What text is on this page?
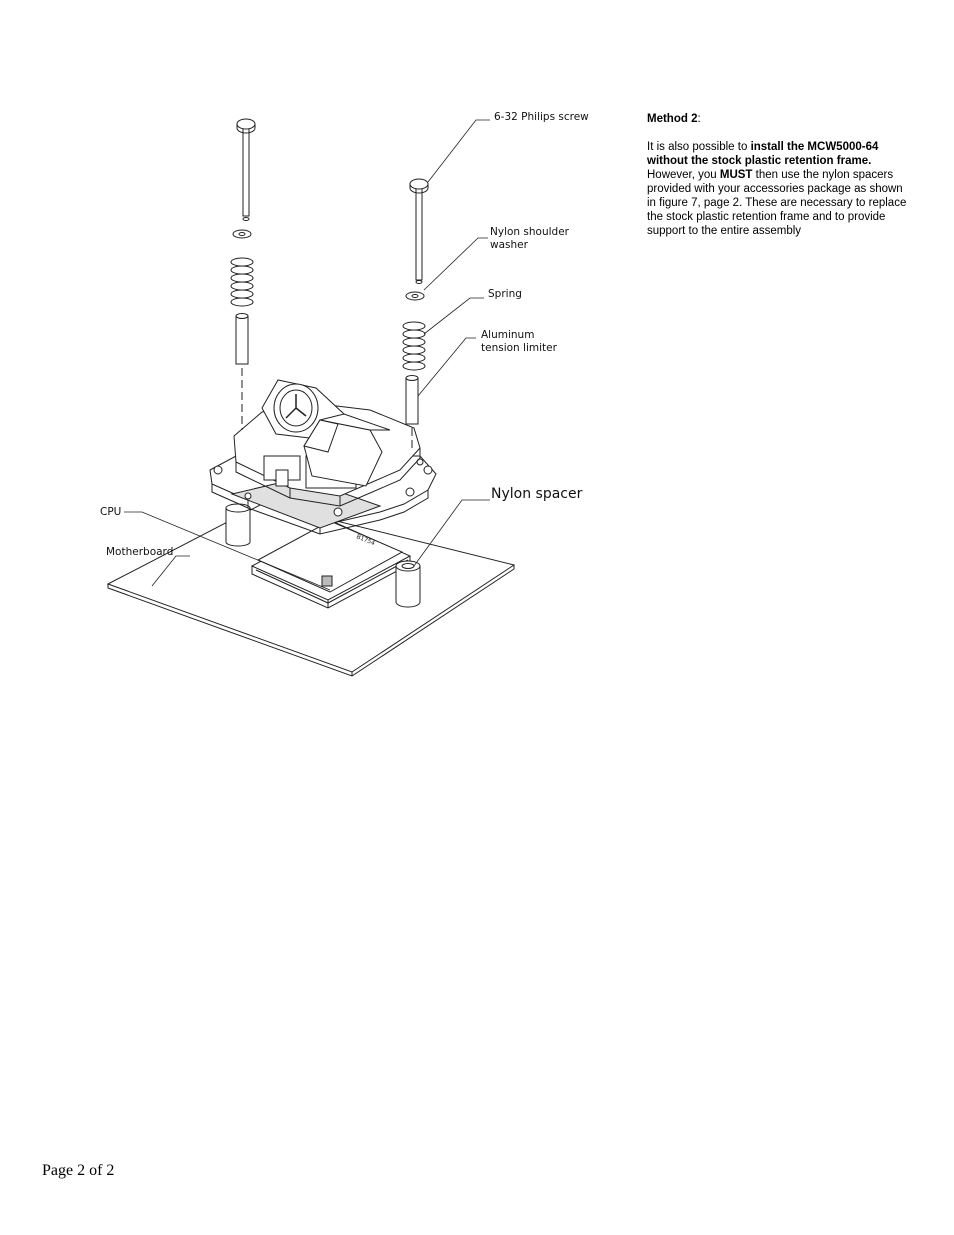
B1754
6-32 Philips screw
Nylon shoulder
washer
Spring
Aluminum
tension limiter
Nylon spacer
CPU
Motherboard

Method 2:

It is also possible to install the MCW5000-64 without the stock plastic retention frame. However, you MUST then use the nylon spacers provided with your accessories package as shown in figure 7, page 2. These are necessary to replace the stock plastic retention frame and to provide support to the entire assembly

Page 2 of 2
